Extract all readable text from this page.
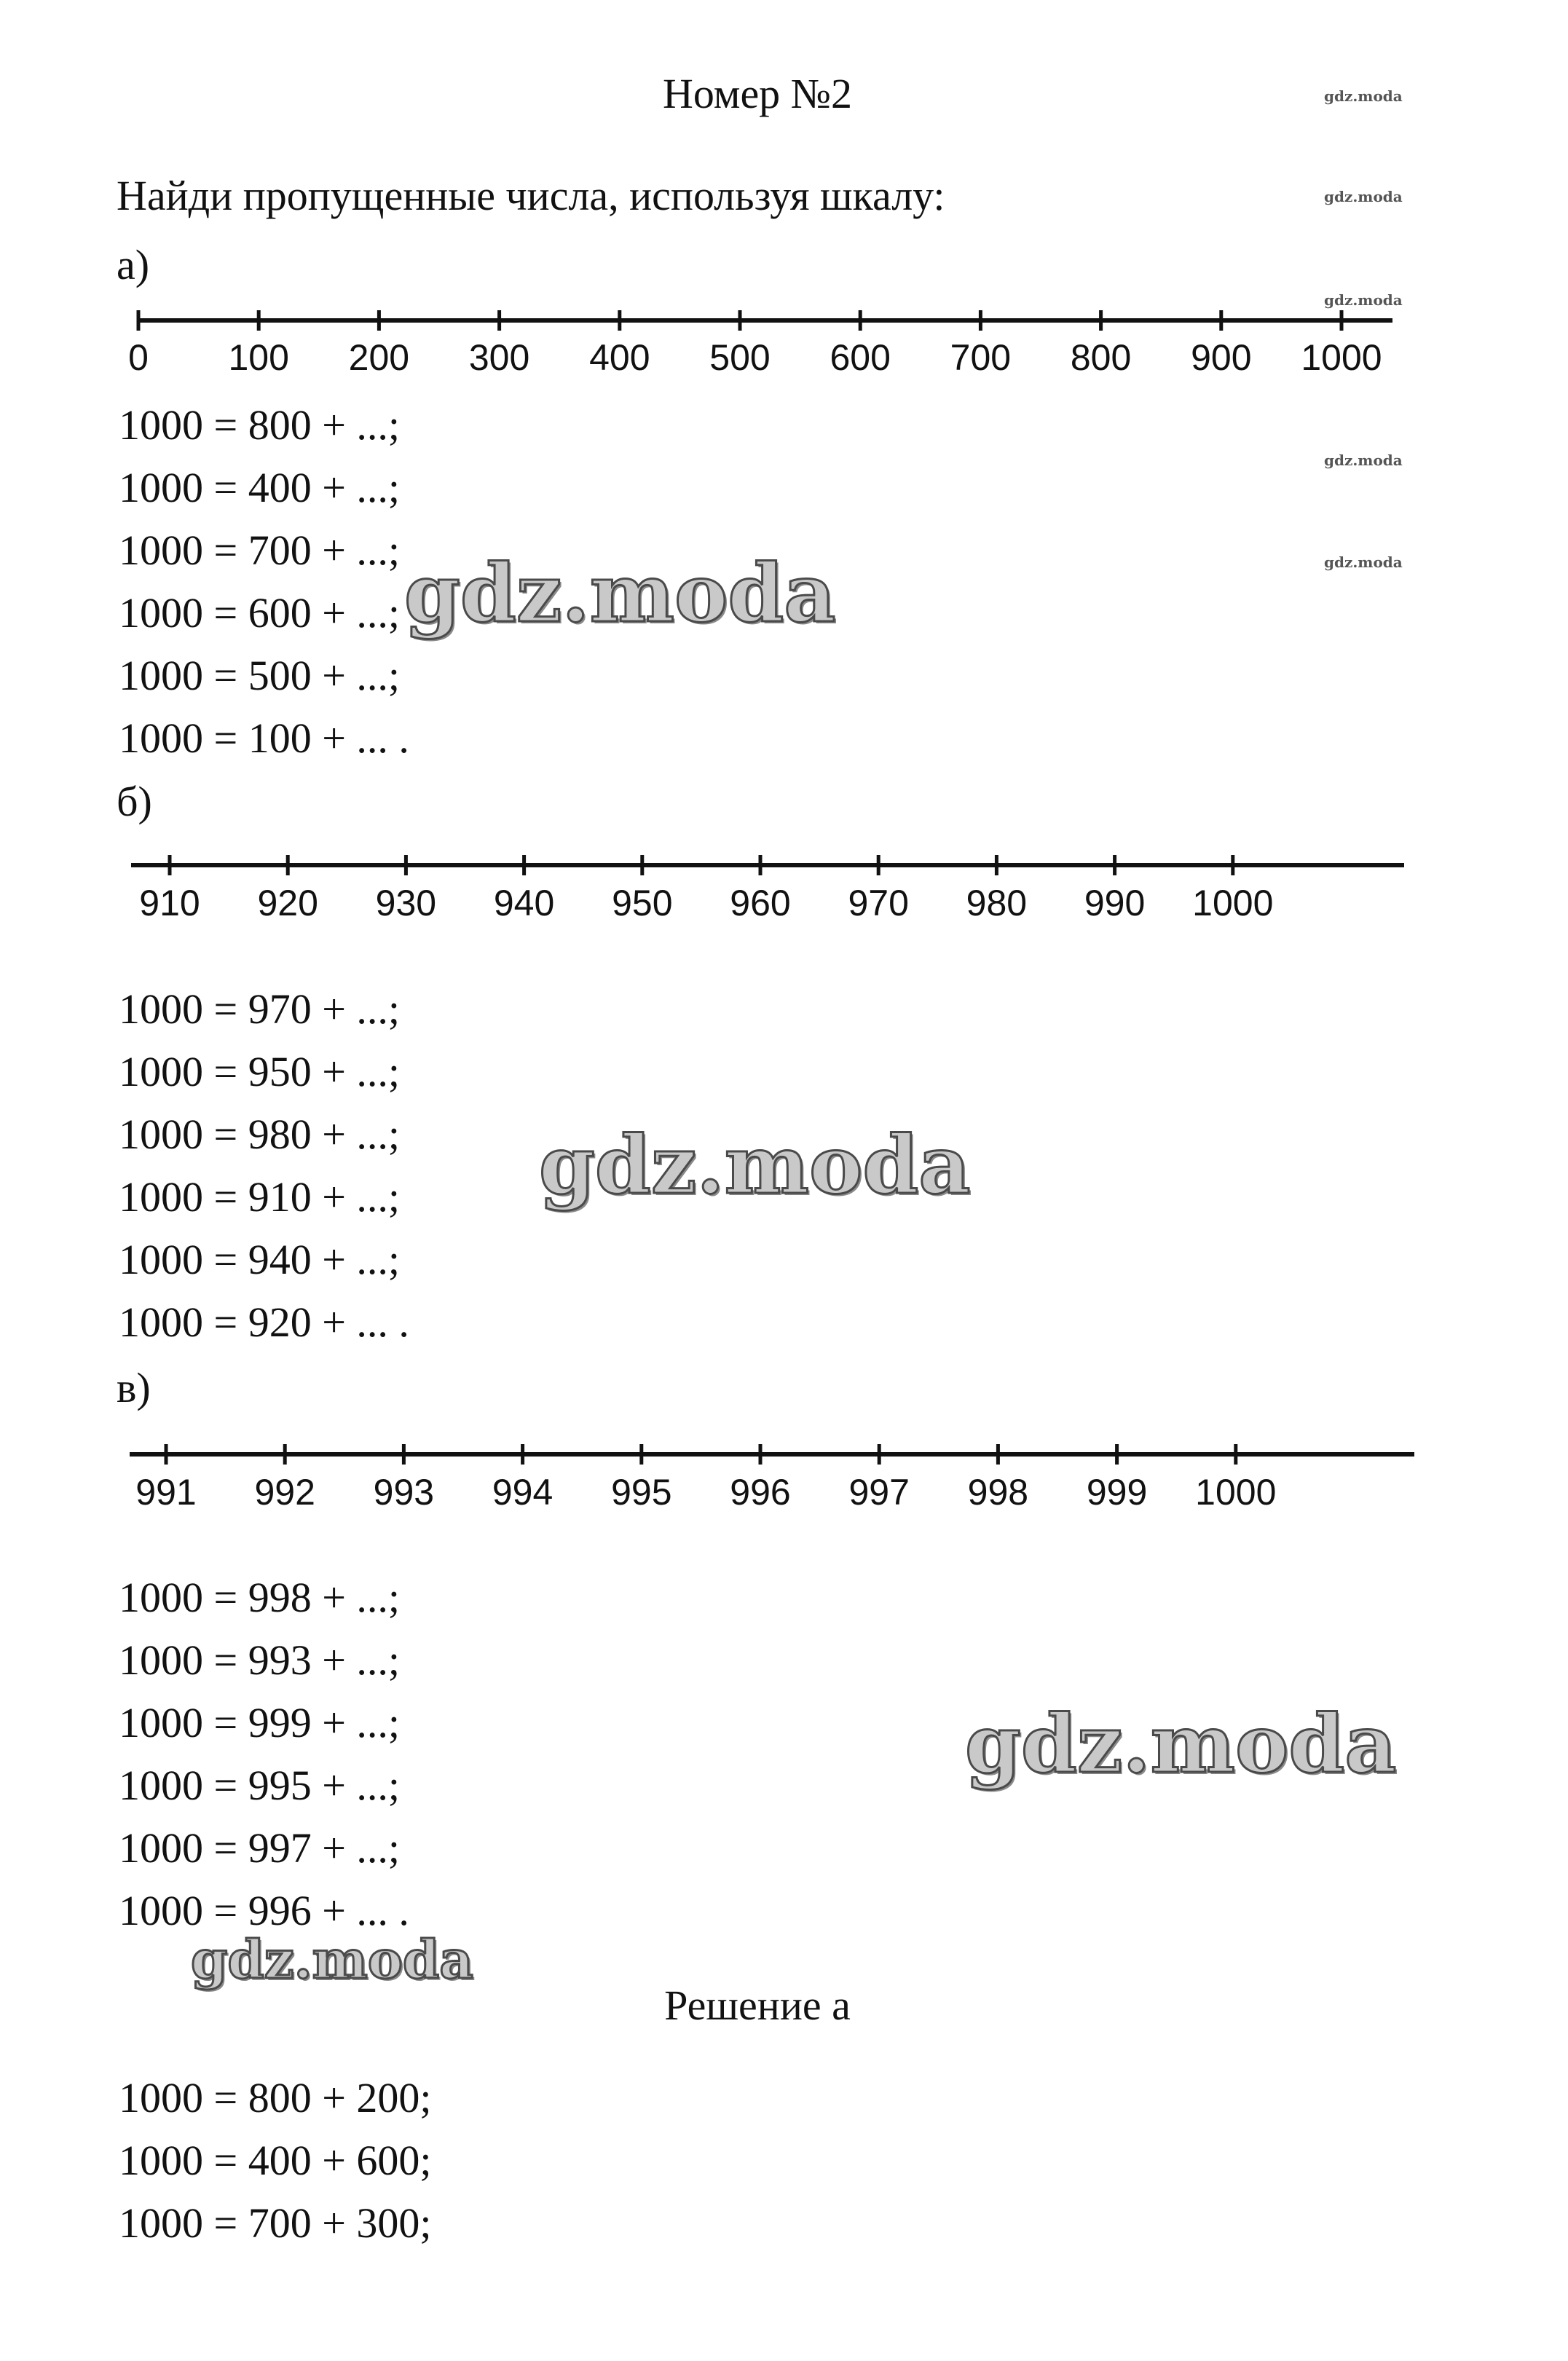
Номер №2
Найди пропущенные числа, используя шкалу:
а)
0 100 200 300 400 500 600 700 800 900 1000
1000 = 800 + ...;
1000 = 400 + ...;
1000 = 700 + ...;
1000 = 600 + ...;
1000 = 500 + ...;
1000 = 100 + ... .
б)
910 920 930 940 950 960 970 980 990 1000
1000 = 970 + ...;
1000 = 950 + ...;
1000 = 980 + ...;
1000 = 910 + ...;
1000 = 940 + ...;
1000 = 920 + ... .
в)
991 992 993 994 995 996 997 998 999 1000
1000 = 998 + ...;
1000 = 993 + ...;
1000 = 999 + ...;
1000 = 995 + ...;
1000 = 997 + ...;
1000 = 996 + ... .
Решение а
1000 = 800 + 200;
1000 = 400 + 600;
1000 = 700 + 300;
gdz.moda
gdz.moda
gdz.moda
gdz.moda
gdz.moda
gdz.moda
gdz.moda
gdz.moda
gdz.moda
